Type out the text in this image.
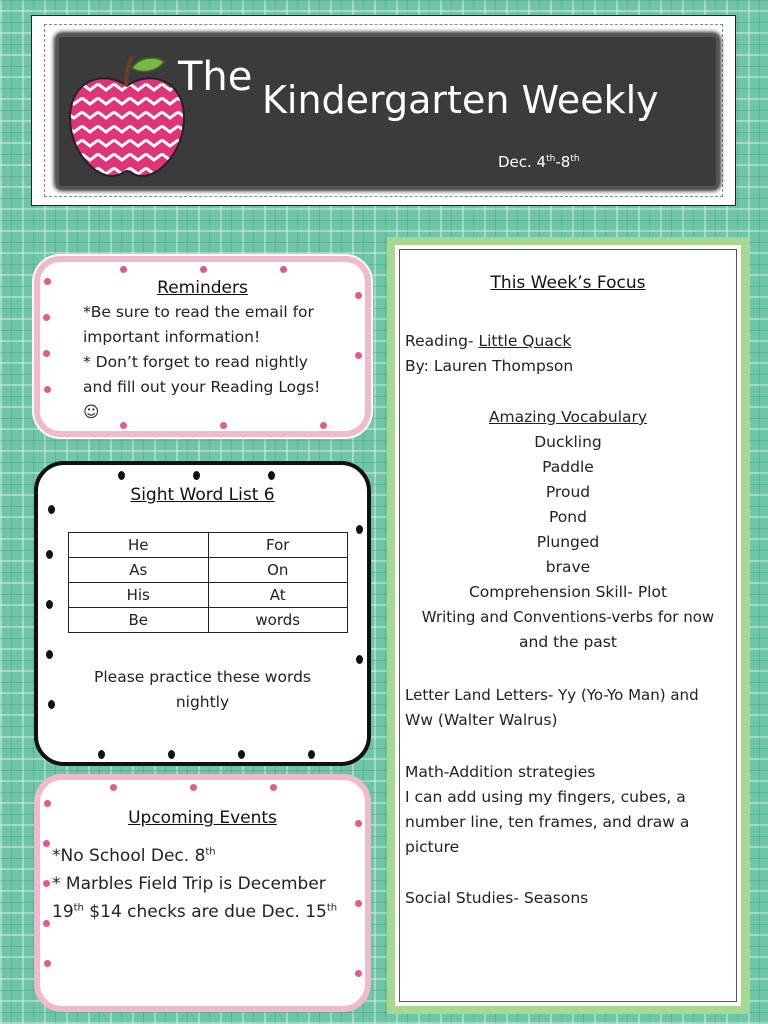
The Kindergarten Weekly
Dec. 4th-8th
Reminders
*Be sure to read the email for
important information!
* Don’t forget to read nightly
and fill out your Reading Logs!
☺
Sight Word List 6
He	For
As	On
His	At
Be	words
Please practice these words
nightly
Upcoming Events
*No School Dec. 8th
* Marbles Field Trip is December
19th $14 checks are due Dec. 15th
This Week’s Focus
Reading- Little Quack
By: Lauren Thompson
Amazing Vocabulary
Duckling
Paddle
Proud
Pond
Plunged
brave
Comprehension Skill- Plot
Writing and Conventions-verbs for now
and the past
Letter Land Letters- Yy (Yo-Yo Man) and
Ww (Walter Walrus)
Math-Addition strategies
I can add using my fingers, cubes, a
number line, ten frames, and draw a
picture
Social Studies- Seasons
